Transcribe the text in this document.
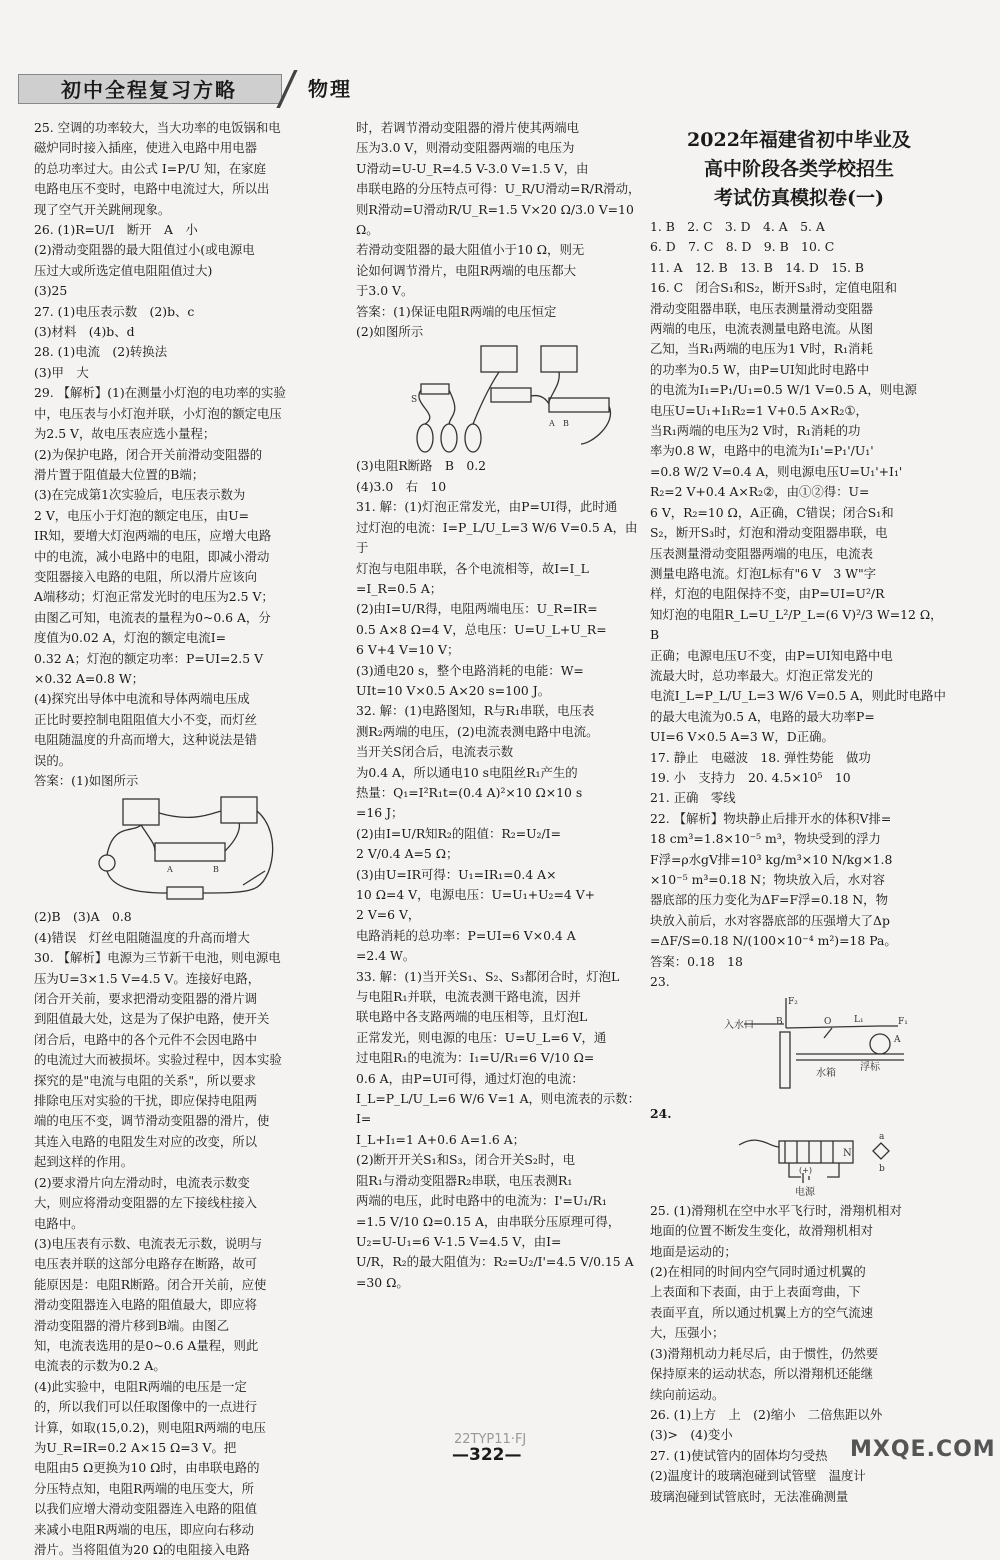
初中全程复习方略	物理
25. 空调的功率较大，当大功率的电饭锅和电
磁炉同时接入插座，使进入电路中用电器
的总功率过大。由公式 I=P/U 知，在家庭
电路电压不变时，电路中电流过大，所以出
现了空气开关跳闸现象。
26. (1)R=U/I　断开　A　小
(2)滑动变阻器的最大阻值过小(或电源电
压过大或所选定值电阻阻值过大)
(3)25
27. (1)电压表示数　(2)b、c
(3)材料　(4)b、d
28. (1)电流　(2)转换法
(3)甲　大
29. 【解析】(1)在测量小灯泡的电功率的实验
中，电压表与小灯泡并联，小灯泡的额定电压
为2.5 V，故电压表应选小量程；
(2)为保护电路，闭合开关前滑动变阻器的
滑片置于阻值最大位置的B端；
(3)在完成第1次实验后，电压表示数为
2 V，电压小于灯泡的额定电压，由U=
IR知，要增大灯泡两端的电压，应增大电路
中的电流，减小电路中的电阻，即减小滑动
变阻器接入电路的电阻，所以滑片应该向
A端移动；灯泡正常发光时的电压为2.5 V；
由图乙可知，电流表的量程为0~0.6 A，分
度值为0.02 A，灯泡的额定电流I=
0.32 A；灯泡的额定功率：P=UI=2.5 V
×0.32 A=0.8 W；
(4)探究出导体中电流和导体两端电压成
正比时要控制电阻阻值大小不变，而灯丝
电阻随温度的升高而增大，这种说法是错
误的。
答案：(1)如图所示
A	B
(2)B　(3)A　0.8
(4)错误　灯丝电阻随温度的升高而增大
30. 【解析】电源为三节新干电池，则电源电
压为U=3×1.5 V=4.5 V。连接好电路，
闭合开关前，要求把滑动变阻器的滑片调
到阻值最大处，这是为了保护电路，使开关
闭合后，电路中的各个元件不会因电路中
的电流过大而被损坏。实验过程中，因本实验
探究的是"电流与电阻的关系"，所以要求
排除电压对实验的干扰，即应保持电阻两
端的电压不变，调节滑动变阻器的滑片，使
其连入电路的电阻发生对应的改变，所以
起到这样的作用。
(2)要求滑片向左滑动时，电流表示数变
大，则应将滑动变阻器的左下接线柱接入
电路中。
(3)电压表有示数、电流表无示数，说明与
电压表并联的这部分电路存在断路，故可
能原因是：电阻R断路。闭合开关前，应使
滑动变阻器连入电路的阻值最大，即应将
滑动变阻器的滑片移到B端。由图乙
知，电流表选用的是0~0.6 A量程，则此
电流表的示数为0.2 A。
(4)此实验中，电阻R两端的电压是一定
的，所以我们可以任取图像中的一点进行
计算，如取(15,0.2)，则电阻R两端的电压
为U_R=IR=0.2 A×15 Ω=3 V。把
电阻由5 Ω更换为10 Ω时，由串联电路的
分压特点知，电阻R两端的电压变大，所
以我们应增大滑动变阻器连入电路的阻值
来减小电阻R两端的电压，即应向右移动
滑片。当将阻值为20 Ω的电阻接入电路
时，若调节滑动变阻器的滑片使其两端电
压为3.0 V，则滑动变阻器两端的电压为
U滑动=U-U_R=4.5 V-3.0 V=1.5 V，由
串联电路的分压特点可得：U_R/U滑动=R/R滑动，
则R滑动=U滑动R/U_R=1.5 V×20 Ω/3.0 V=10 Ω。
若滑动变阻器的最大阻值小于10 Ω，则无
论如何调节滑片，电阻R两端的电压都大
于3.0 V。
答案：(1)保证电阻R两端的电压恒定
(2)如图所示
S
A B
(3)电阻R断路　B　0.2
(4)3.0　右　10
31. 解：(1)灯泡正常发光，由P=UI得，此时通
过灯泡的电流：I=P_L/U_L=3 W/6 V=0.5 A，由于
灯泡与电阻串联，各个电流相等，故I=I_L
=I_R=0.5 A；
(2)由I=U/R得，电阻两端电压：U_R=IR=
0.5 A×8 Ω=4 V，总电压：U=U_L+U_R=
6 V+4 V=10 V；
(3)通电20 s，整个电路消耗的电能：W=
UIt=10 V×0.5 A×20 s=100 J。
32. 解：(1)电路图知，R与R₁串联，电压表
测R₂两端的电压，(2)电流表测电路中电流。
当开关S闭合后，电流表示数
为0.4 A，所以通电10 s电阻丝R₁产生的
热量：Q₁=I²R₁t=(0.4 A)²×10 Ω×10 s
=16 J；
(2)由I=U/R知R₂的阻值：R₂=U₂/I=
2 V/0.4 A=5 Ω；
(3)由U=IR可得：U₁=IR₁=0.4 A×
10 Ω=4 V，电源电压：U=U₁+U₂=4 V+
2 V=6 V，
电路消耗的总功率：P=UI=6 V×0.4 A
=2.4 W。
33. 解：(1)当开关S₁、S₂、S₃都闭合时，灯泡L
与电阻R₁并联，电流表测干路电流，因并
联电路中各支路两端的电压相等，且灯泡L
正常发光，则电源的电压：U=U_L=6 V，通
过电阻R₁的电流为：I₁=U/R₁=6 V/10 Ω=
0.6 A，由P=UI可得，通过灯泡的电流：
I_L=P_L/U_L=6 W/6 V=1 A，则电流表的示数：I=
I_L+I₁=1 A+0.6 A=1.6 A；
(2)断开开关S₁和S₃，闭合开关S₂时，电
阻R₁与滑动变阻器R₂串联，电压表测R₁
两端的电压，此时电路中的电流为：I'=U₁/R₁
=1.5 V/10 Ω=0.15 A，由串联分压原理可得，
U₂=U-U₁=6 V-1.5 V=4.5 V，由I=
U/R，R₂的最大阻值为：R₂=U₂/I'=4.5 V/0.15 A
=30 Ω。
2022年福建省初中毕业及
高中阶段各类学校招生
考试仿真模拟卷(一)
1. B　2. C　3. D　4. A　5. A
6. D　7. C　8. D　9. B　10. C
11. A　12. B　13. B　14. D　15. B
16. C　闭合S₁和S₂，断开S₃时，定值电阻和
滑动变阻器串联，电压表测量滑动变阻器
两端的电压，电流表测量电路电流。从图
乙知，当R₁两端的电压为1 V时，R₁消耗
的功率为0.5 W，由P=UI知此时电路中
的电流为I₁=P₁/U₁=0.5 W/1 V=0.5 A，则电源
电压U=U₁+I₁R₂=1 V+0.5 A×R₂①，
当R₁两端的电压为2 V时，R₁消耗的功
率为0.8 W，电路中的电流为I₁'=P₁'/U₁'
=0.8 W/2 V=0.4 A，则电源电压U=U₁'+I₁'
R₂=2 V+0.4 A×R₂②，由①②得：U=
6 V，R₂=10 Ω，A正确，C错误；闭合S₁和
S₂，断开S₃时，灯泡和滑动变阻器串联，电
压表测量滑动变阻器两端的电压，电流表
测量电路电流。灯泡L标有"6 V　3 W"字
样，灯泡的电阻保持不变，由P=UI=U²/R
知灯泡的电阻R_L=U_L²/P_L=(6 V)²/3 W=12 Ω，B
正确；电源电压U不变，由P=UI知电路中电
流最大时，总功率最大。灯泡正常发光的
电流I_L=P_L/U_L=3 W/6 V=0.5 A，则此时电路中
的最大电流为0.5 A，电路的最大功率P=
UI=6 V×0.5 A=3 W，D正确。
17. 静止　电磁波　18. 弹性势能　做功
19. 小　支持力　20. 4.5×10⁵　10
21. 正确　零线
22. 【解析】物块静止后排开水的体积V排=
18 cm³=1.8×10⁻⁵ m³，物块受到的浮力
F浮=ρ水gV排=10³ kg/m³×10 N/kg×1.8
×10⁻⁵ m³=0.18 N；物块放入后，水对容
器底部的压力变化为ΔF=F浮=0.18 N，物
块放入前后，水对容器底部的压强增大了Δp
=ΔF/S=0.18 N/(100×10⁻⁴ m²)=18 Pa。
答案：0.18　18
23.
F₂
B	O	L₁	F₁
A
入水口
水箱
浮标
24.
N
a
b
(+)
电源
25. (1)滑翔机在空中水平飞行时，滑翔机相对
地面的位置不断发生变化，故滑翔机相对
地面是运动的；
(2)在相同的时间内空气同时通过机翼的
上表面和下表面，由于上表面弯曲，下
表面平直，所以通过机翼上方的空气流速
大，压强小；
(3)滑翔机动力耗尽后，由于惯性，仍然要
保持原来的运动状态，所以滑翔机还能继
续向前运动。
26. (1)上方　上　(2)缩小　二倍焦距以外
(3)>　(4)变小
27. (1)使试管内的固体均匀受热
(2)温度计的玻璃泡碰到试管壁　温度计
玻璃泡碰到试管底时，无法准确测量
22TYP11·FJ
—322—	MXQE.COM
